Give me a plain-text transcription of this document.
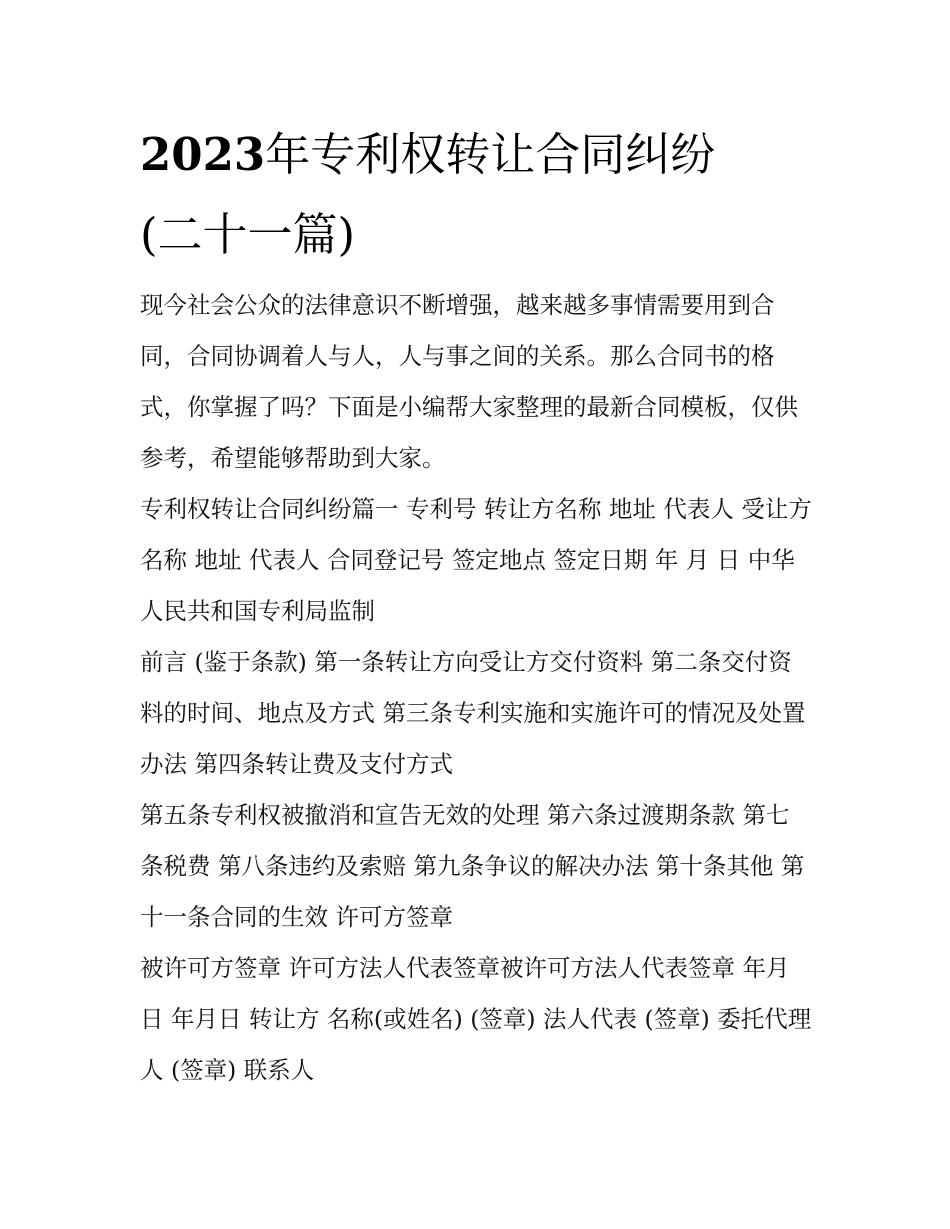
2023年专利权转让合同纠纷
(二十一篇)

现今社会公众的法律意识不断增强，越来越多事情需要用到合同，合同协调着人与人，人与事之间的关系。那么合同书的格式，你掌握了吗？下面是小编帮大家整理的最新合同模板，仅供参考，希望能够帮助到大家。

专利权转让合同纠纷篇一 专利号 转让方名称 地址 代表人 受让方名称 地址 代表人 合同登记号 签定地点 签定日期 年 月 日 中华人民共和国专利局监制

前言 (鉴于条款) 第一条转让方向受让方交付资料 第二条交付资料的时间、地点及方式 第三条专利实施和实施许可的情况及处置办法 第四条转让费及支付方式

第五条专利权被撤消和宣告无效的处理 第六条过渡期条款 第七条税费 第八条违约及索赔 第九条争议的解决办法 第十条其他 第十一条合同的生效 许可方签章

被许可方签章 许可方法人代表签章被许可方法人代表签章 年月日 年月日 转让方 名称(或姓名) (签章) 法人代表 (签章) 委托代理人 (签章) 联系人
